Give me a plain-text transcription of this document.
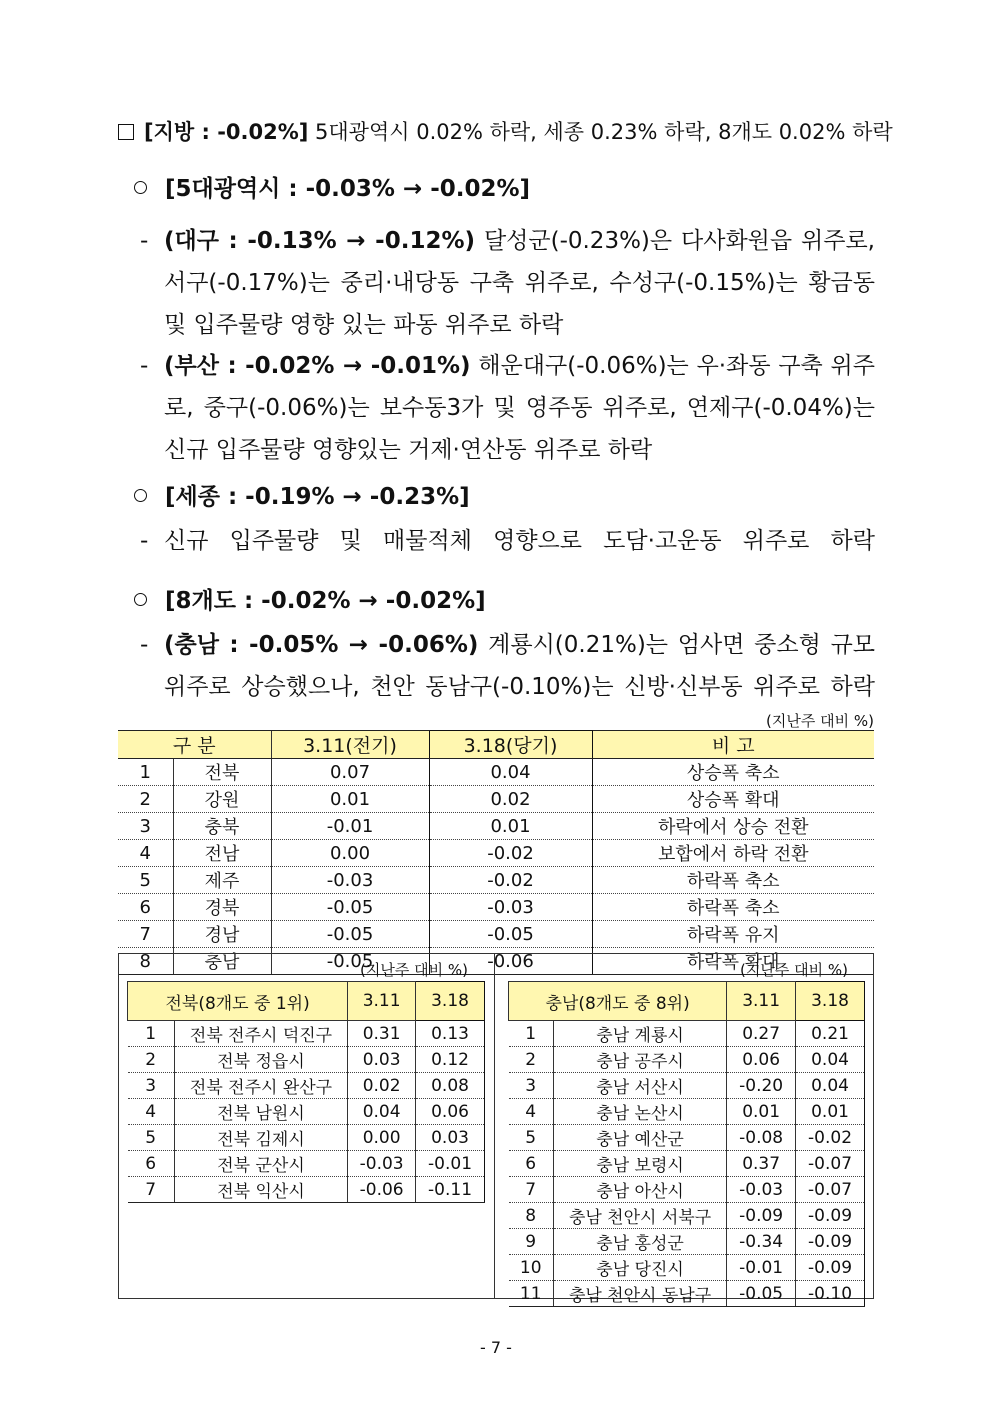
[지방 : -0.02%] 5대광역시 0.02% 하락, 세종 0.23% 하락, 8개도 0.02% 하락
[5대광역시 : -0.03% → -0.02%]
- (대구 : -0.13% → -0.12%) 달성군(-0.23%)은 다사화원읍 위주로, 서구(-0.17%)는 중리·내당동 구축 위주로, 수성구(-0.15%)는 황금동 및 입주물량 영향 있는 파동 위주로 하락
- (부산 : -0.02% → -0.01%) 해운대구(-0.06%)는 우·좌동 구축 위주로, 중구(-0.06%)는 보수동3가 및 영주동 위주로, 연제구(-0.04%)는 신규 입주물량 영향있는 거제·연산동 위주로 하락
[세종 : -0.19% → -0.23%]
- 신규 입주물량 및 매물적체 영향으로 도담·고운동 위주로 하락
[8개도 : -0.02% → -0.02%]
- (충남 : -0.05% → -0.06%) 계룡시(0.21%)는 엄사면 중소형 규모 위주로 상승했으나, 천안 동남구(-0.10%)는 신방·신부동 위주로 하락
(지난주 대비 %)
구 분		3.11(전기)	3.18(당기)	비 고
1	전북	0.07	0.04	상승폭 축소
2	강원	0.01	0.02	상승폭 확대
3	충북	-0.01	0.01	하락에서 상승 전환
4	전남	0.00	-0.02	보합에서 하락 전환
5	제주	-0.03	-0.02	하락폭 축소
6	경북	-0.05	-0.03	하락폭 축소
7	경남	-0.05	-0.05	하락폭 유지
8	충남	-0.05	-0.06	하락폭 확대
(지난주 대비 %)
전북(8개도 중 1위)		3.11	3.18
1	전북 전주시 덕진구	0.31	0.13
2	전북 정읍시	0.03	0.12
3	전북 전주시 완산구	0.02	0.08
4	전북 남원시	0.04	0.06
5	전북 김제시	0.00	0.03
6	전북 군산시	-0.03	-0.01
7	전북 익산시	-0.06	-0.11
(지난주 대비 %)
충남(8개도 중 8위)		3.11	3.18
1	충남 계룡시	0.27	0.21
2	충남 공주시	0.06	0.04
3	충남 서산시	-0.20	0.04
4	충남 논산시	0.01	0.01
5	충남 예산군	-0.08	-0.02
6	충남 보령시	0.37	-0.07
7	충남 아산시	-0.03	-0.07
8	충남 천안시 서북구	-0.09	-0.09
9	충남 홍성군	-0.34	-0.09
10	충남 당진시	-0.01	-0.09
11	충남 천안시 동남구	-0.05	-0.10
- 7 -
